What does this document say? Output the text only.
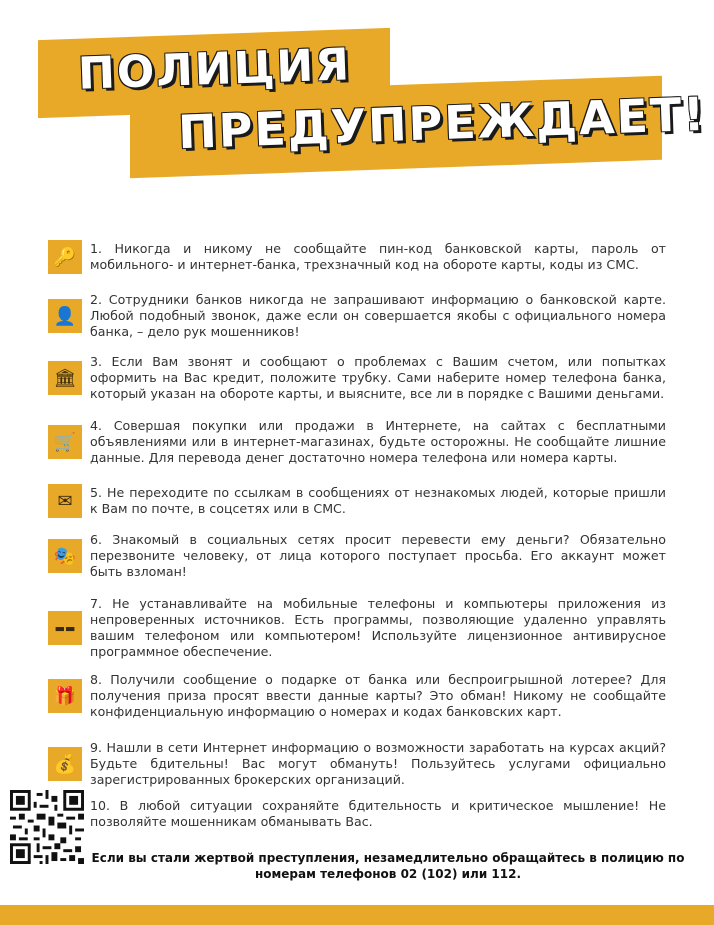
ПОЛИЦИЯ
ПРЕДУПРЕЖДАЕТ!
🔑 1. Никогда и никому не сообщайте пин-код банковской карты, пароль от мобильного- и интернет-банка, трехзначный код на обороте карты, коды из СМС.
👤
2. Сотрудники банков никогда не запрашивают информацию о банковской карте. Любой подобный звонок, даже если он совершается якобы с официального номера банка, – дело рук мошенников!
🏛
3. Если Вам звонят и сообщают о проблемах с Вашим счетом, или попытках оформить на Вас кредит, положите трубку. Сами наберите номер телефона банка, который указан на обороте карты, и выясните, все ли в порядке с Вашими деньгами.
🛒
4. Совершая покупки или продажи в Интернете, на сайтах с бесплатными объявлениями или в интернет-магазинах, будьте осторожны. Не сообщайте лишние данные. Для перевода денег достаточно номера телефона или номера карты.
✉ 5. Не переходите по ссылкам в сообщениях от незнакомых людей, которые пришли к Вам по почте, в соцсетях или в СМС.
🎭
6. Знакомый в социальных сетях просит перевести ему деньги? Обязательно перезвоните человеку, от лица которого поступает просьба. Его аккаунт может быть взломан!
▬▬
7. Не устанавливайте на мобильные телефоны и компьютеры приложения из непроверенных источников. Есть программы, позволяющие удаленно управлять вашим телефоном или компьютером! Используйте лицензионное антивирусное программное обеспечение.
🎁
8. Получили сообщение о подарке от банка или беспроигрышной лотерее? Для получения приза просят ввести данные карты? Это обман! Никому не сообщайте конфиденциальную информацию о номерах и кодах банковских карт.
💰
9. Нашли в сети Интернет информацию о возможности заработать на курсах акций? Будьте бдительны! Вас могут обмануть! Пользуйтесь услугами официально зарегистрированных брокерских организаций.
10. В любой ситуации сохраняйте бдительность и критическое мышление! Не позволяйте мошенникам обманывать Вас.
Если вы стали жертвой преступления, незамедлительно обращайтесь в полицию по
номерам телефонов 02 (102) или 112.
